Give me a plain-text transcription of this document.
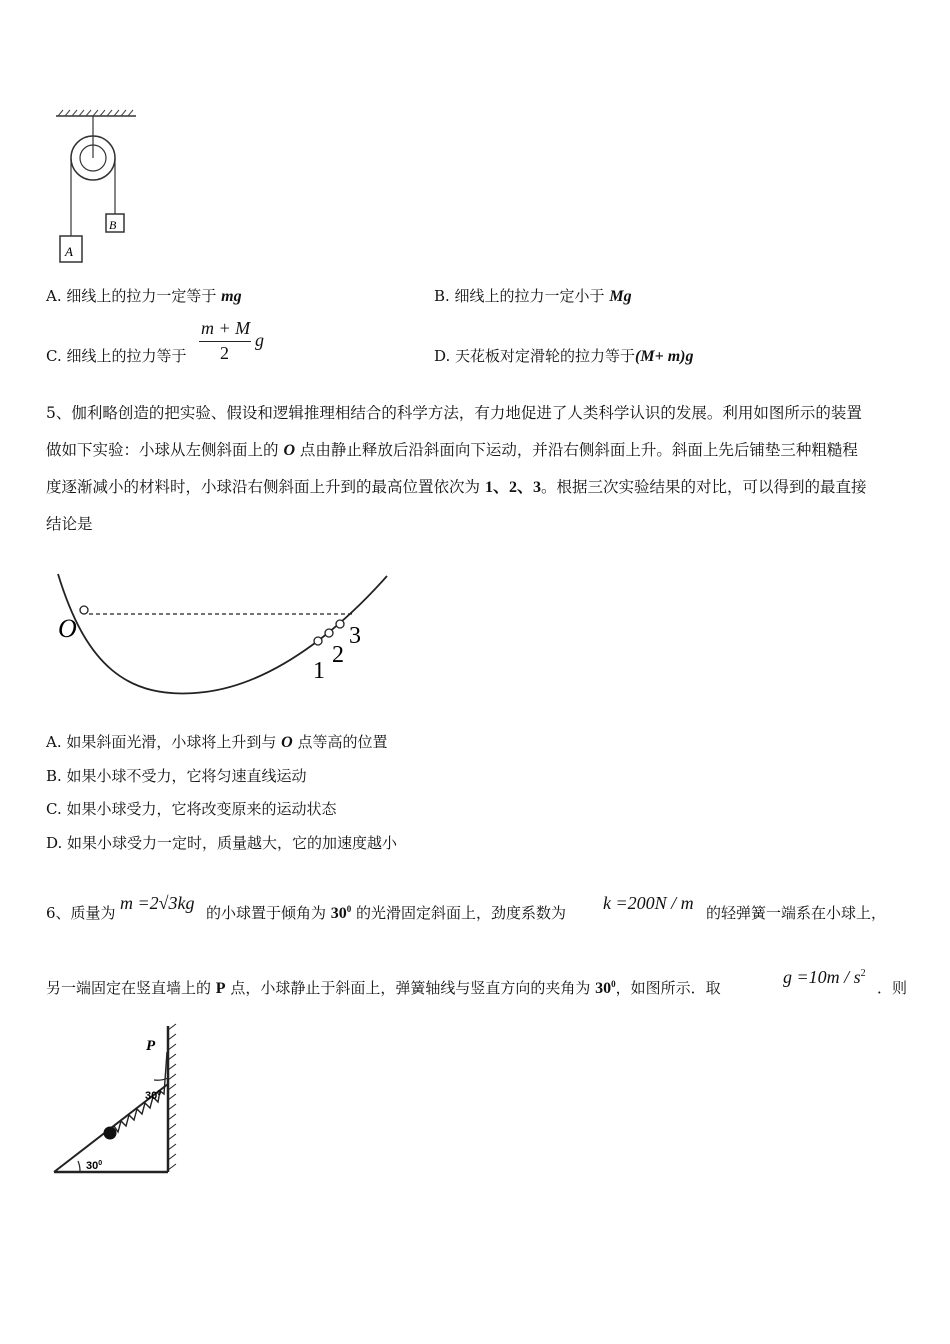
A
B
A. 细线上的拉力一定等于 mg	B. 细线上的拉力一定小于 Mg
C. 细线上的拉力等于
m + M
2
g
D. 天花板对定滑轮的拉力等于(M+ m)g
5、伽利略创造的把实验、假设和逻辑推理相结合的科学方法，有力地促进了人类科学认识的发展。利用如图所示的装置
做如下实验：小球从左侧斜面上的 O 点由静止释放后沿斜面向下运动，并沿右侧斜面上升。斜面上先后铺垫三种粗糙程
度逐渐减小的材料时，小球沿右侧斜面上升到的最高位置依次为 1、2、3。根据三次实验结果的对比，可以得到的最直接
结论是
O
1
2
3
A. 如果斜面光滑，小球将上升到与 O 点等高的位置
B. 如果小球不受力，它将匀速直线运动
C. 如果小球受力，它将改变原来的运动状态
D. 如果小球受力一定时，质量越大，它的加速度越小
6、质量为 m =2√3kg 的小球置于倾角为 $30^0$ 的光滑固定斜面上，劲度系数为 k =200N / m 的轻弹簧一端系在小球上，
另一端固定在竖直墙上的 P 点，小球静止于斜面上，弹簧轴线与竖直方向的夹角为 $30^0$，如图所示．取
$g =10m / s^2$
．则
P
$30^0$
$30^0$
